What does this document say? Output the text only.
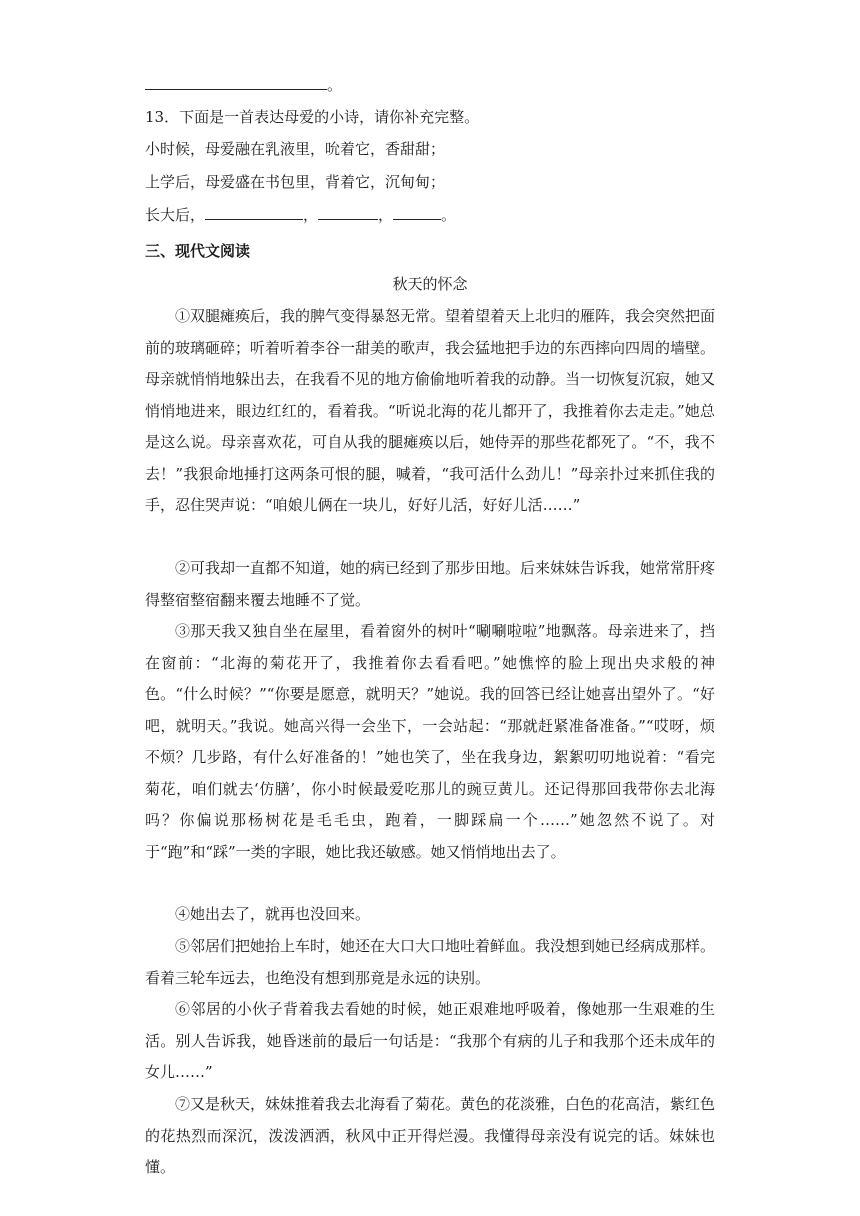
。
13．下面是一首表达母爱的小诗，请你补充完整。
小时候，母爱融在乳液里，吮着它，香甜甜；
上学后，母爱盛在书包里，背着它，沉甸甸；
长大后，	，	，	。
三、现代文阅读
秋天的怀念

①双腿瘫痪后，我的脾气变得暴怒无常。望着望着天上北归的雁阵，我会突然把面前的玻璃砸碎；听着听着李谷一甜美的歌声，我会猛地把手边的东西摔向四周的墙壁。母亲就悄悄地躲出去，在我看不见的地方偷偷地听着我的动静。当一切恢复沉寂，她又悄悄地进来，眼边红红的，看着我。“听说北海的花儿都开了，我推着你去走走。”她总是这么说。母亲喜欢花，可自从我的腿瘫痪以后，她侍弄的那些花都死了。“不，我不去！”我狠命地捶打这两条可恨的腿，喊着，“我可活什么劲儿！”母亲扑过来抓住我的手，忍住哭声说：“咱娘儿俩在一块儿，好好儿活，好好儿活……”

②可我却一直都不知道，她的病已经到了那步田地。后来妹妹告诉我，她常常肝疼得整宿整宿翻来覆去地睡不了觉。

③那天我又独自坐在屋里，看着窗外的树叶“唰唰啦啦”地飘落。母亲进来了，挡在窗前：“北海的菊花开了，我推着你去看看吧。”她憔悴的脸上现出央求般的神色。“什么时候？”“你要是愿意，就明天？”她说。我的回答已经让她喜出望外了。“好吧，就明天。”我说。她高兴得一会坐下，一会站起：“那就赶紧准备准备。”“哎呀，烦不烦？几步路，有什么好准备的！”她也笑了，坐在我身边，絮絮叨叨地说着：“看完菊花，咱们就去‘仿膳’，你小时候最爱吃那儿的豌豆黄儿。还记得那回我带你去北海吗？你偏说那杨树花是毛毛虫，跑着，一脚踩扁一个……”她忽然不说了。对于“跑”和“踩”一类的字眼，她比我还敏感。她又悄悄地出去了。

④她出去了，就再也没回来。

⑤邻居们把她抬上车时，她还在大口大口地吐着鲜血。我没想到她已经病成那样。看着三轮车远去，也绝没有想到那竟是永远的诀别。

⑥邻居的小伙子背着我去看她的时候，她正艰难地呼吸着，像她那一生艰难的生活。别人告诉我，她昏迷前的最后一句话是：“我那个有病的儿子和我那个还未成年的女儿……”

⑦又是秋天，妹妹推着我去北海看了菊花。黄色的花淡雅，白色的花高洁，紫红色的花热烈而深沉，泼泼洒洒，秋风中正开得烂漫。我懂得母亲没有说完的话。妹妹也懂。
